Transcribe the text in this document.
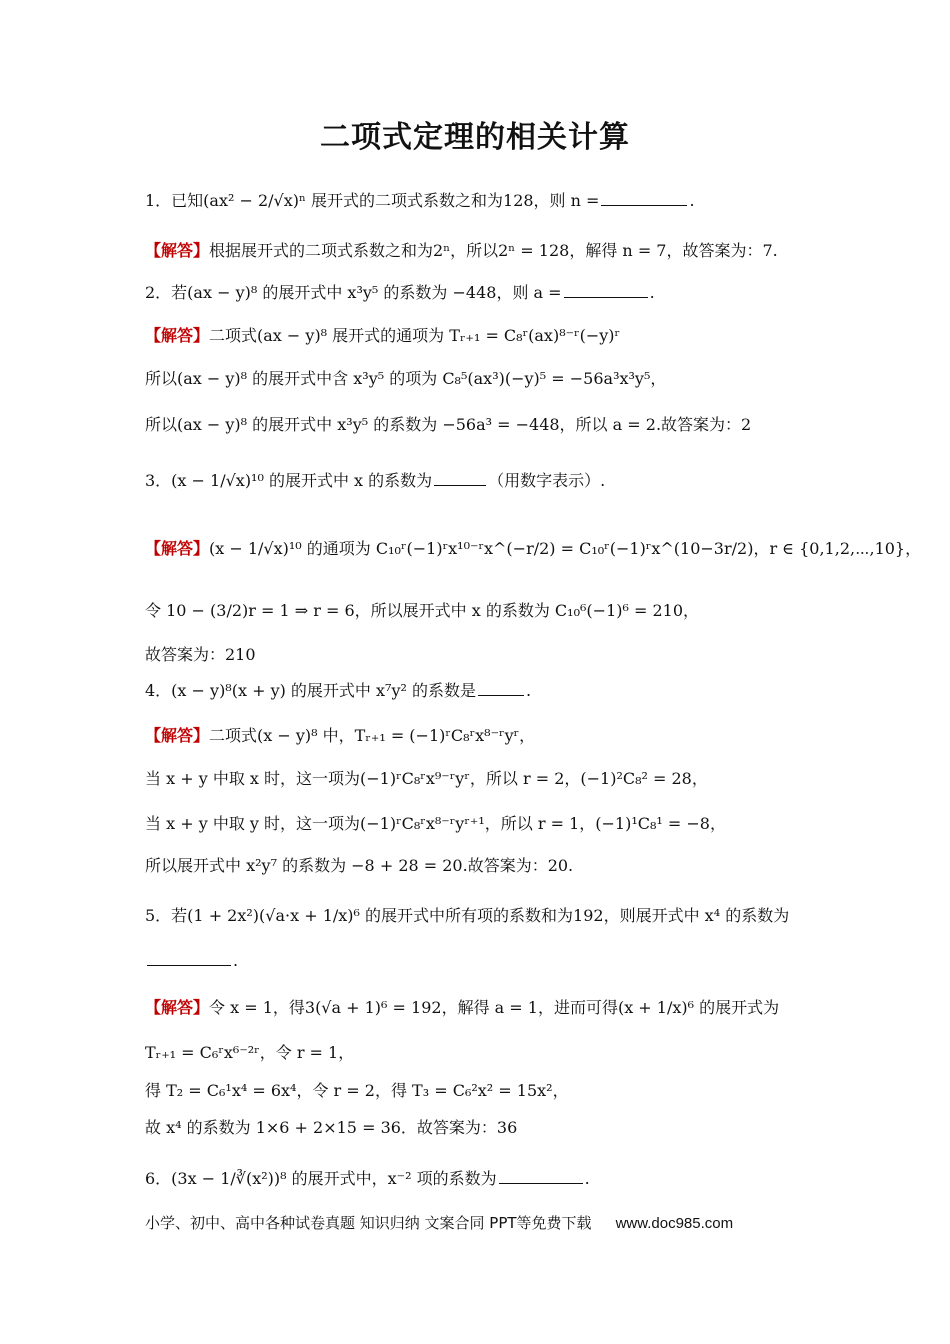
二项式定理的相关计算
1．已知(ax² − 2/√x)ⁿ 展开式的二项式系数之和为128，则 n =	.
【解答】根据展开式的二项式系数之和为2ⁿ，所以2ⁿ = 128，解得 n = 7，故答案为：7.
2．若(ax − y)⁸ 的展开式中 x³y⁵ 的系数为 −448，则 a =	.
【解答】二项式(ax − y)⁸ 展开式的通项为 Tᵣ₊₁ = C₈ʳ(ax)⁸⁻ʳ(−y)ʳ
所以(ax − y)⁸ 的展开式中含 x³y⁵ 的项为 C₈⁵(ax³)(−y)⁵ = −56a³x³y⁵，
所以(ax − y)⁸ 的展开式中 x³y⁵ 的系数为 −56a³ = −448，所以 a = 2.故答案为：2
3．(x − 1/√x)¹⁰ 的展开式中 x 的系数为	（用数字表示）.
【解答】(x − 1/√x)¹⁰ 的通项为 C₁₀ʳ(−1)ʳx¹⁰⁻ʳx^(−r/2) = C₁₀ʳ(−1)ʳx^(10−3r/2)，r ∈ {0,1,2,⋯,10}，
令 10 − (3/2)r = 1 ⇒ r = 6，所以展开式中 x 的系数为 C₁₀⁶(−1)⁶ = 210，
故答案为：210
4．(x − y)⁸(x + y) 的展开式中 x⁷y² 的系数是	.
【解答】二项式(x − y)⁸ 中，Tᵣ₊₁ = (−1)ʳC₈ʳx⁸⁻ʳyʳ，
当 x + y 中取 x 时，这一项为(−1)ʳC₈ʳx⁹⁻ʳyʳ，所以 r = 2，(−1)²C₈² = 28，
当 x + y 中取 y 时，这一项为(−1)ʳC₈ʳx⁸⁻ʳyʳ⁺¹，所以 r = 1，(−1)¹C₈¹ = −8，
所以展开式中 x²y⁷ 的系数为 −8 + 28 = 20.故答案为：20.
5．若(1 + 2x²)(√a·x + 1/x)⁶ 的展开式中所有项的系数和为192，则展开式中 x⁴ 的系数为
.
【解答】令 x = 1，得3(√a + 1)⁶ = 192，解得 a = 1，进而可得(x + 1/x)⁶ 的展开式为
Tᵣ₊₁ = C₆ʳx⁶⁻²ʳ，令 r = 1，
得 T₂ = C₆¹x⁴ = 6x⁴，令 r = 2，得 T₃ = C₆²x² = 15x²，
故 x⁴ 的系数为 1×6 + 2×15 = 36．故答案为：36
6．(3x − 1/∛(x²))⁸ 的展开式中，x⁻² 项的系数为	.
小学、初中、高中各种试卷真题 知识归纳 文案合同 PPT等免费下载 www.doc985.com
